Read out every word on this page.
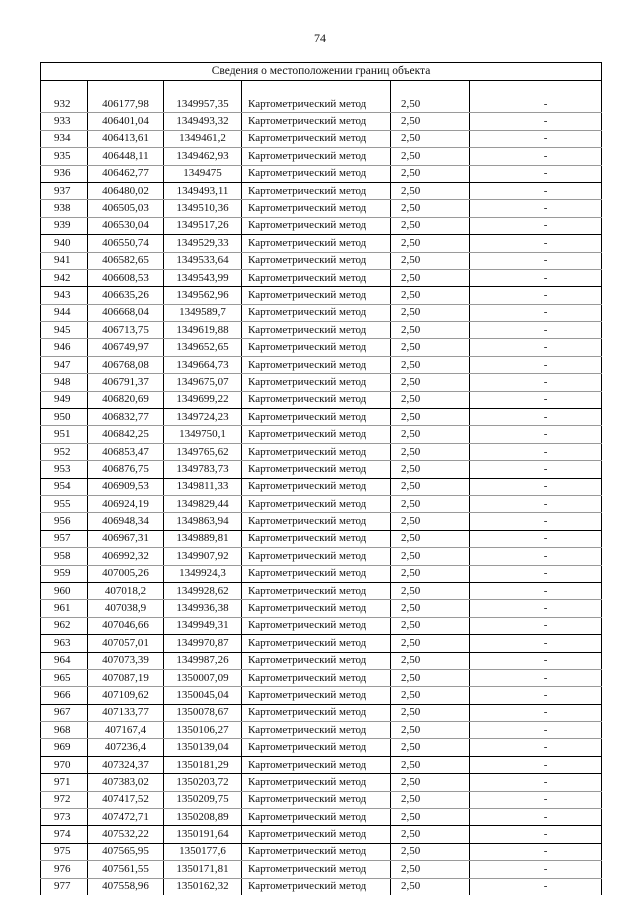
74
Сведения о местоположении границ объекта					

932	406177,98	1349957,35	Картометрический метод	2,50	-
933	406401,04	1349493,32	Картометрический метод	2,50	-
934	406413,61	1349461,2	Картометрический метод	2,50	-
935	406448,11	1349462,93	Картометрический метод	2,50	-
936	406462,77	1349475	Картометрический метод	2,50	-
937	406480,02	1349493,11	Картометрический метод	2,50	-
938	406505,03	1349510,36	Картометрический метод	2,50	-
939	406530,04	1349517,26	Картометрический метод	2,50	-
940	406550,74	1349529,33	Картометрический метод	2,50	-
941	406582,65	1349533,64	Картометрический метод	2,50	-
942	406608,53	1349543,99	Картометрический метод	2,50	-
943	406635,26	1349562,96	Картометрический метод	2,50	-
944	406668,04	1349589,7	Картометрический метод	2,50	-
945	406713,75	1349619,88	Картометрический метод	2,50	-
946	406749,97	1349652,65	Картометрический метод	2,50	-
947	406768,08	1349664,73	Картометрический метод	2,50	-
948	406791,37	1349675,07	Картометрический метод	2,50	-
949	406820,69	1349699,22	Картометрический метод	2,50	-
950	406832,77	1349724,23	Картометрический метод	2,50	-
951	406842,25	1349750,1	Картометрический метод	2,50	-
952	406853,47	1349765,62	Картометрический метод	2,50	-
953	406876,75	1349783,73	Картометрический метод	2,50	-
954	406909,53	1349811,33	Картометрический метод	2,50	-
955	406924,19	1349829,44	Картометрический метод	2,50	-
956	406948,34	1349863,94	Картометрический метод	2,50	-
957	406967,31	1349889,81	Картометрический метод	2,50	-
958	406992,32	1349907,92	Картометрический метод	2,50	-
959	407005,26	1349924,3	Картометрический метод	2,50	-
960	407018,2	1349928,62	Картометрический метод	2,50	-
961	407038,9	1349936,38	Картометрический метод	2,50	-
962	407046,66	1349949,31	Картометрический метод	2,50	-
963	407057,01	1349970,87	Картометрический метод	2,50	-
964	407073,39	1349987,26	Картометрический метод	2,50	-
965	407087,19	1350007,09	Картометрический метод	2,50	-
966	407109,62	1350045,04	Картометрический метод	2,50	-
967	407133,77	1350078,67	Картометрический метод	2,50	-
968	407167,4	1350106,27	Картометрический метод	2,50	-
969	407236,4	1350139,04	Картометрический метод	2,50	-
970	407324,37	1350181,29	Картометрический метод	2,50	-
971	407383,02	1350203,72	Картометрический метод	2,50	-
972	407417,52	1350209,75	Картометрический метод	2,50	-
973	407472,71	1350208,89	Картометрический метод	2,50	-
974	407532,22	1350191,64	Картометрический метод	2,50	-
975	407565,95	1350177,6	Картометрический метод	2,50	-
976	407561,55	1350171,81	Картометрический метод	2,50	-
977	407558,96	1350162,32	Картометрический метод	2,50	-
